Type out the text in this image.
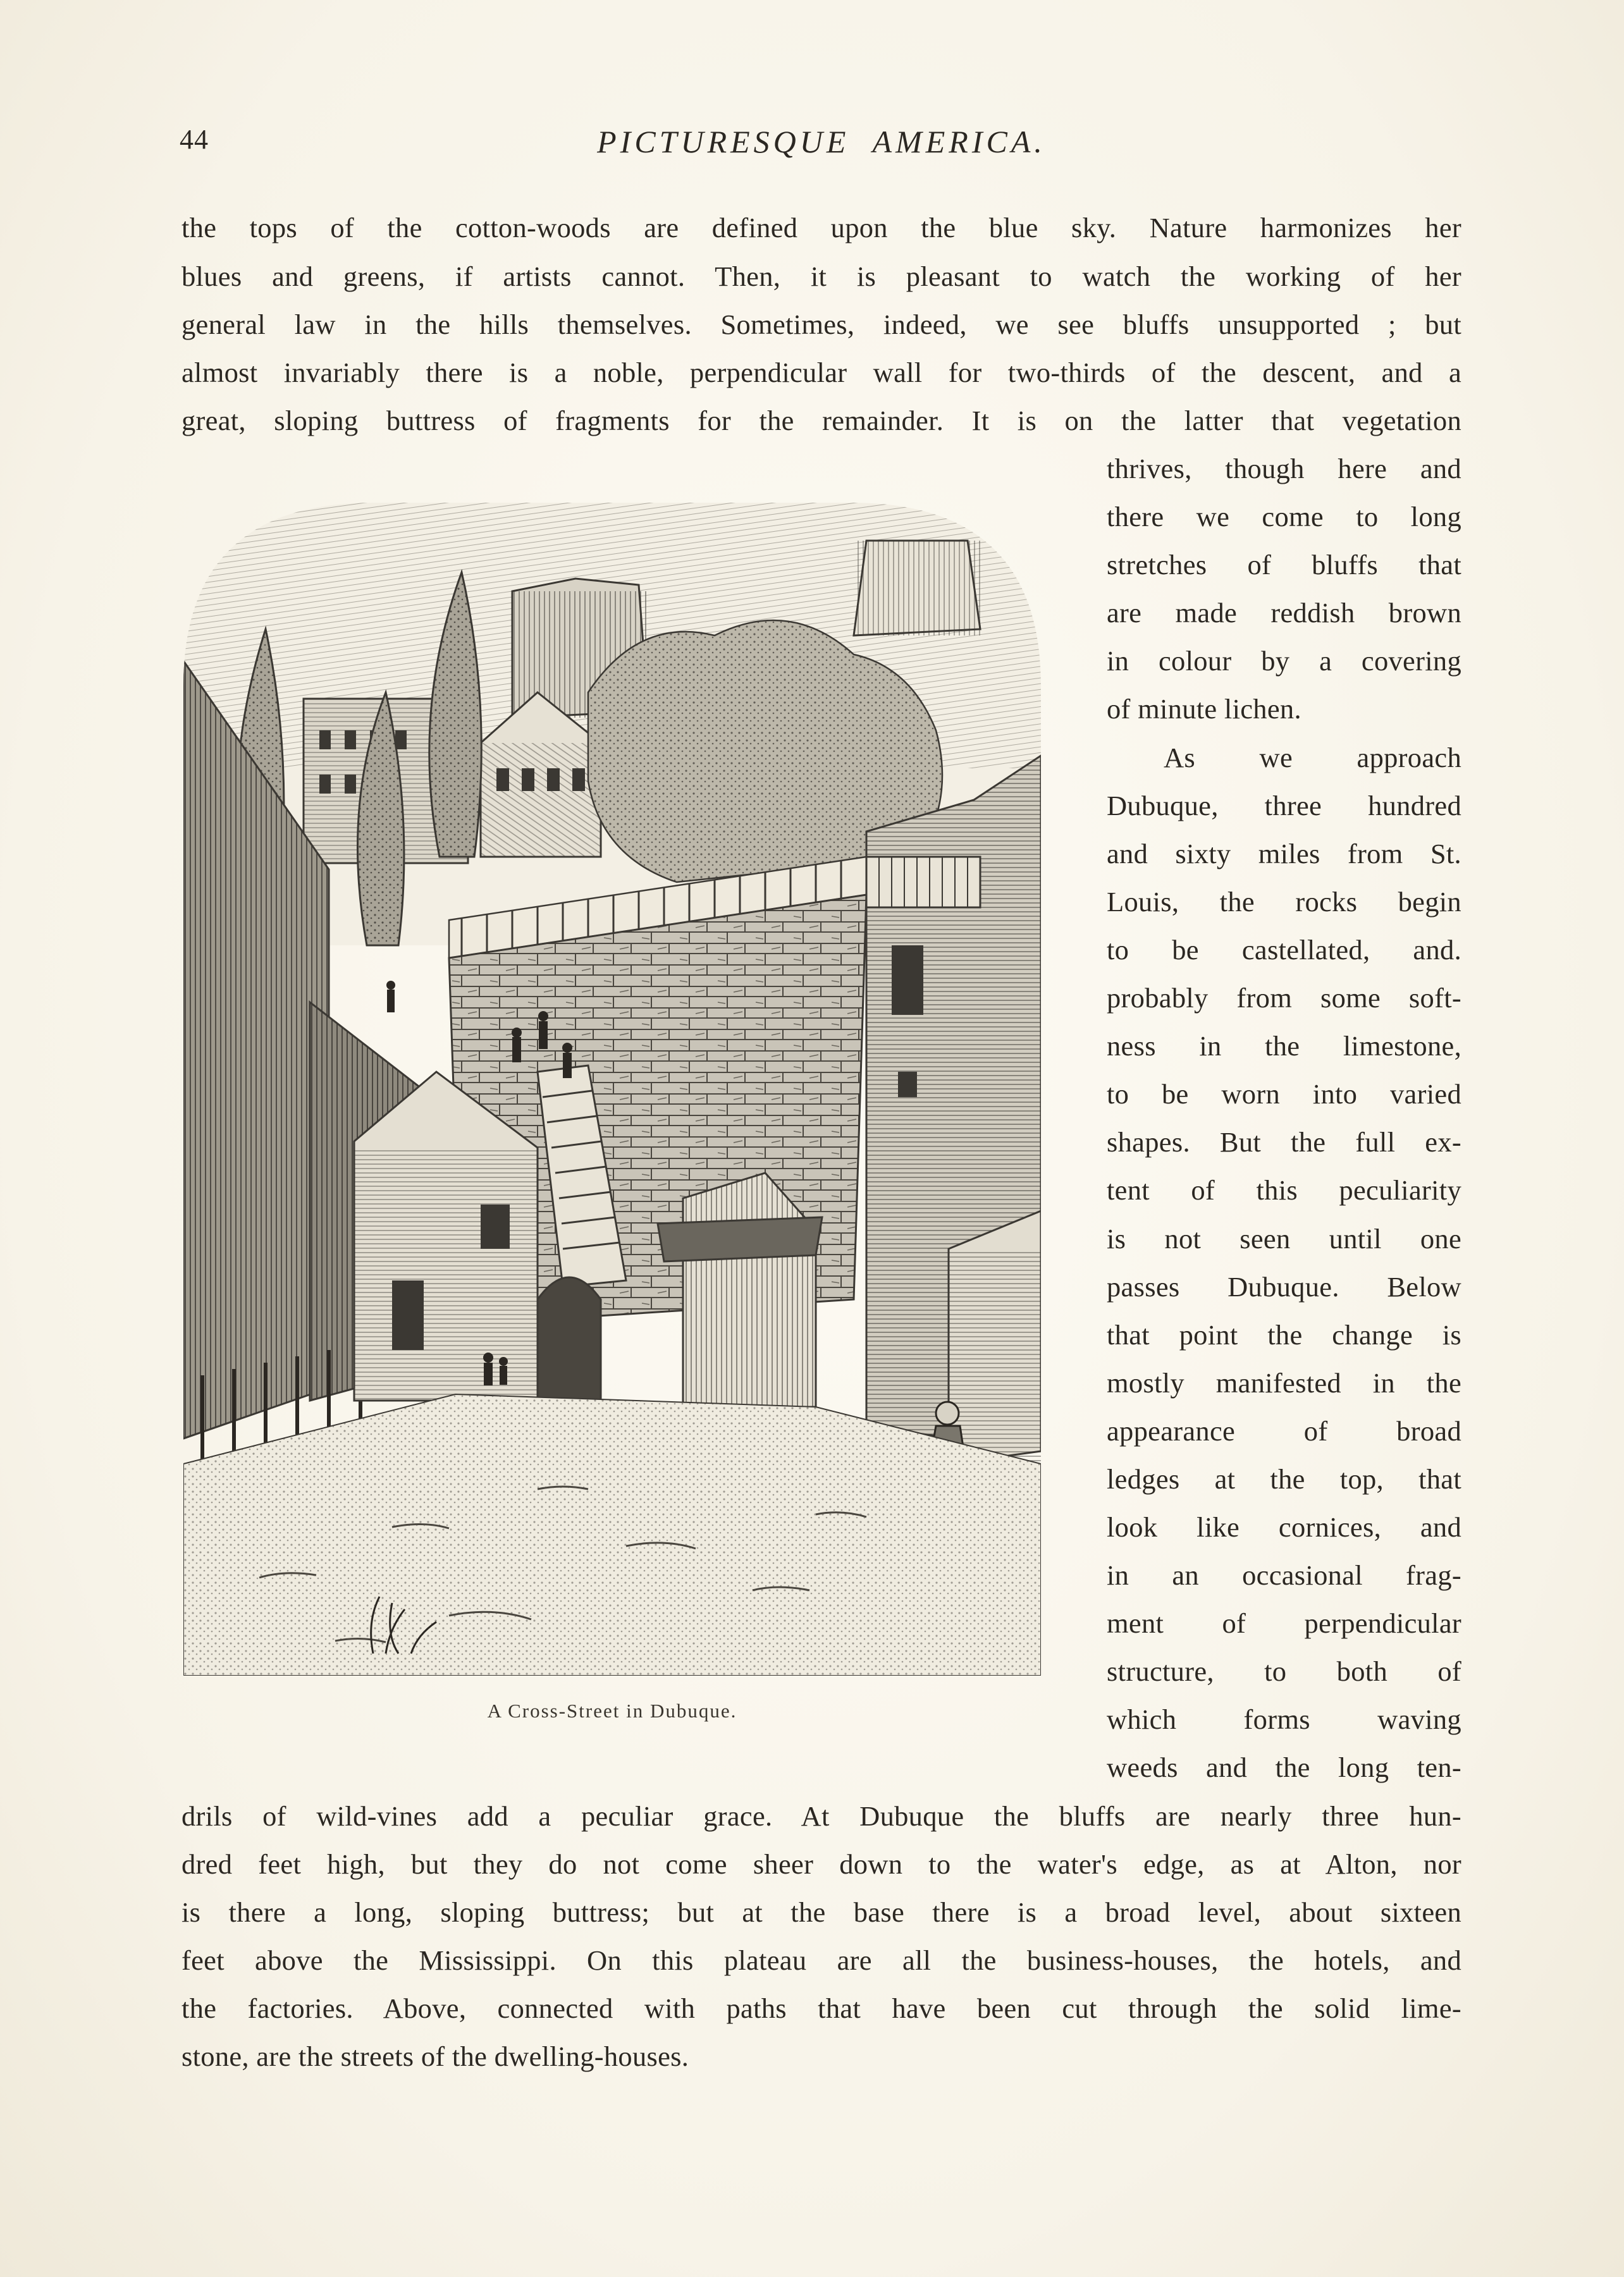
44	PICTURESQUE  AMERICA.
the tops of the cotton-woods are defined upon the blue sky. Nature harmonizes her
blues and greens, if artists cannot. Then, it is pleasant to watch the working of her
general law in the hills themselves. Sometimes, indeed, we see bluffs unsupported ; but
almost invariably there is a noble, perpendicular wall for two-thirds of the descent, and a
great, sloping buttress of fragments for the remainder. It is on the latter that vegetation
thrives, though here and
there we come to long
stretches of bluffs that
are made reddish brown
in colour by a covering
of minute lichen.
As we approach
Dubuque, three hundred
and sixty miles from St.
Louis, the rocks begin
to be castellated, and.
probably from some soft-
ness in the limestone,
to be worn into varied
shapes. But the full ex-
tent of this peculiarity
is not seen until one
passes Dubuque. Below
that point the change is
mostly manifested in the
appearance of broad
ledges at the top, that
look like cornices, and
in an occasional frag-
ment of perpendicular
structure, to both of
which forms waving
weeds and the long ten-
drils of wild-vines add a peculiar grace. At Dubuque the bluffs are nearly three hun-
dred feet high, but they do not come sheer down to the water's edge, as at Alton, nor
is there a long, sloping buttress; but at the base there is a broad level, about sixteen
feet above the Mississippi. On this plateau are all the business-houses, the hotels, and
the factories. Above, connected with paths that have been cut through the solid lime-
stone, are the streets of the dwelling-houses.
A Cross-Street in Dubuque.
